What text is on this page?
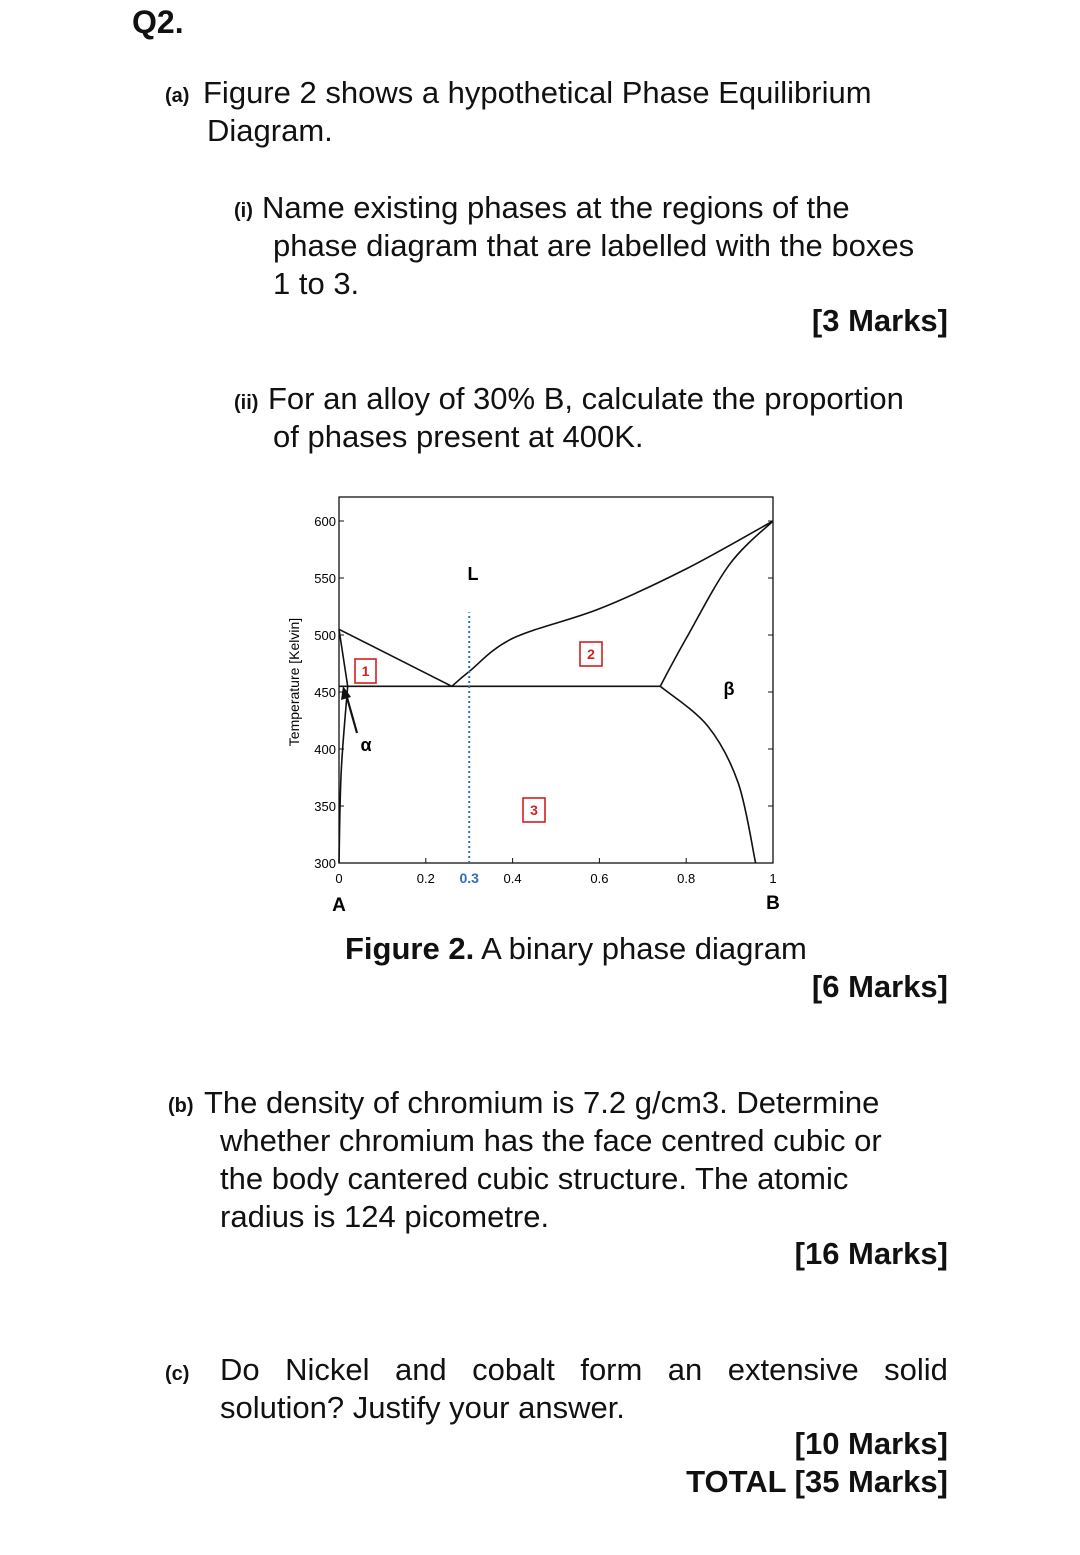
Q2.
(a) Figure 2 shows a hypothetical Phase Equilibrium
Diagram.
(i) Name existing phases at the regions of the
phase diagram that are labelled with the boxes
1 to 3.
[3 Marks]
(ii) For an alloy of 30% B, calculate the proportion
of phases present at 400K.
Temperature [Kelvin]
600
550
500
450
400
350
300
0	0.2 0.3 0.4	0.6	0.8	1
L
α
β
1
2
3
A	B
Figure 2. A binary phase diagram
[6 Marks]
(b) The density of chromium is 7.2 g/cm3. Determine
whether chromium has the face centred cubic or
the body cantered cubic structure. The atomic
radius is 124 picometre.
[16 Marks]
(c) Do Nickel and cobalt form an extensive solid
solution? Justify your answer.
[10 Marks]
TOTAL [35 Marks]
